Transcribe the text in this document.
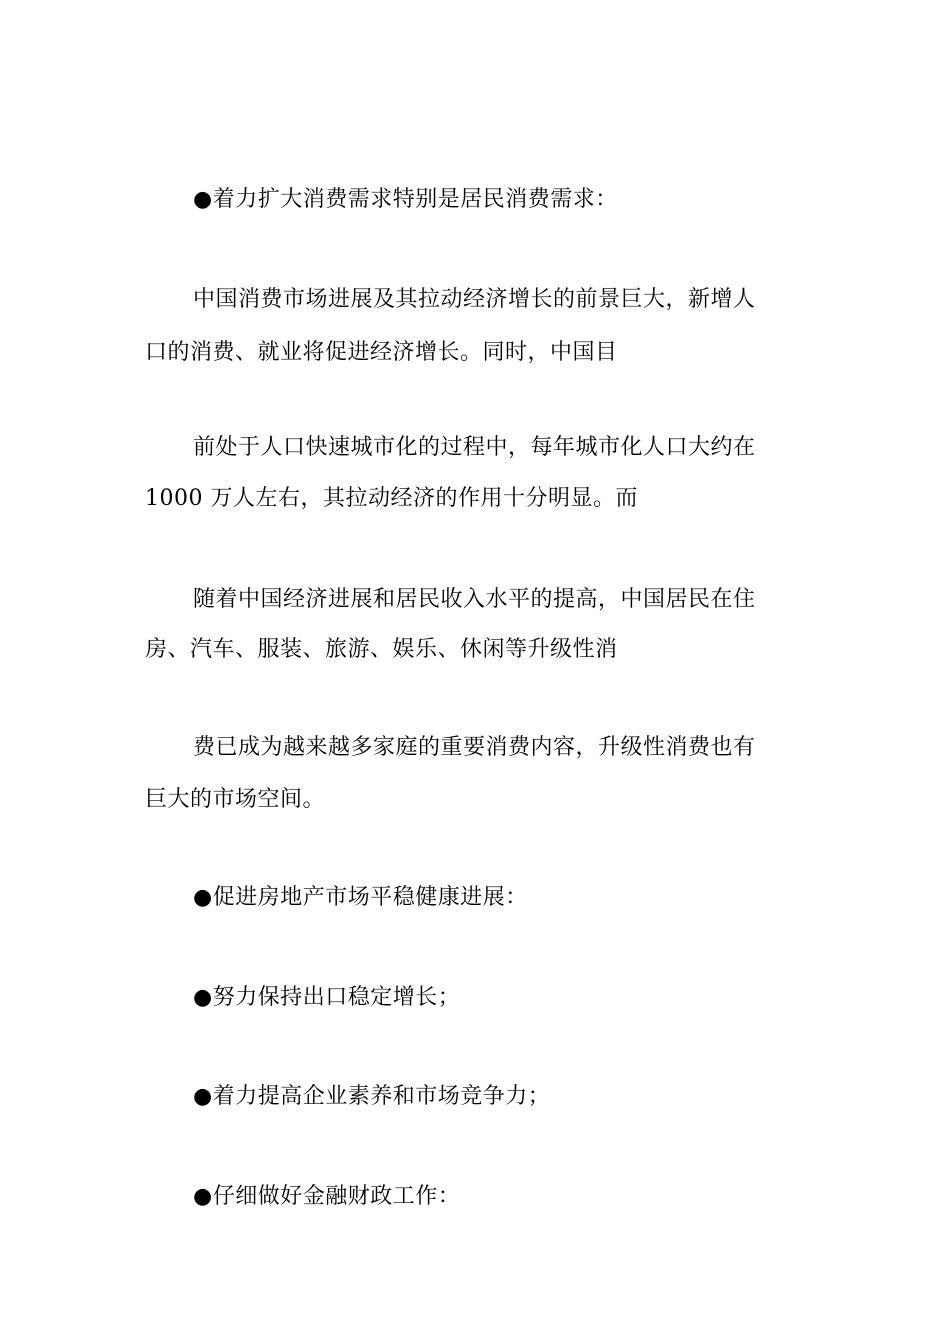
●着力扩大消费需求特别是居民消费需求：
中国消费市场进展及其拉动经济增长的前景巨大，新增人
口的消费、就业将促进经济增长。同时，中国目
前处于人口快速城市化的过程中，每年城市化人口大约在
1000 万人左右，其拉动经济的作用十分明显。而
随着中国经济进展和居民收入水平的提高，中国居民在住
房、汽车、服装、旅游、娱乐、休闲等升级性消
费已成为越来越多家庭的重要消费内容，升级性消费也有
巨大的市场空间。
●促进房地产市场平稳健康进展：
●努力保持出口稳定增长；
●着力提高企业素养和市场竞争力；
●仔细做好金融财政工作：
